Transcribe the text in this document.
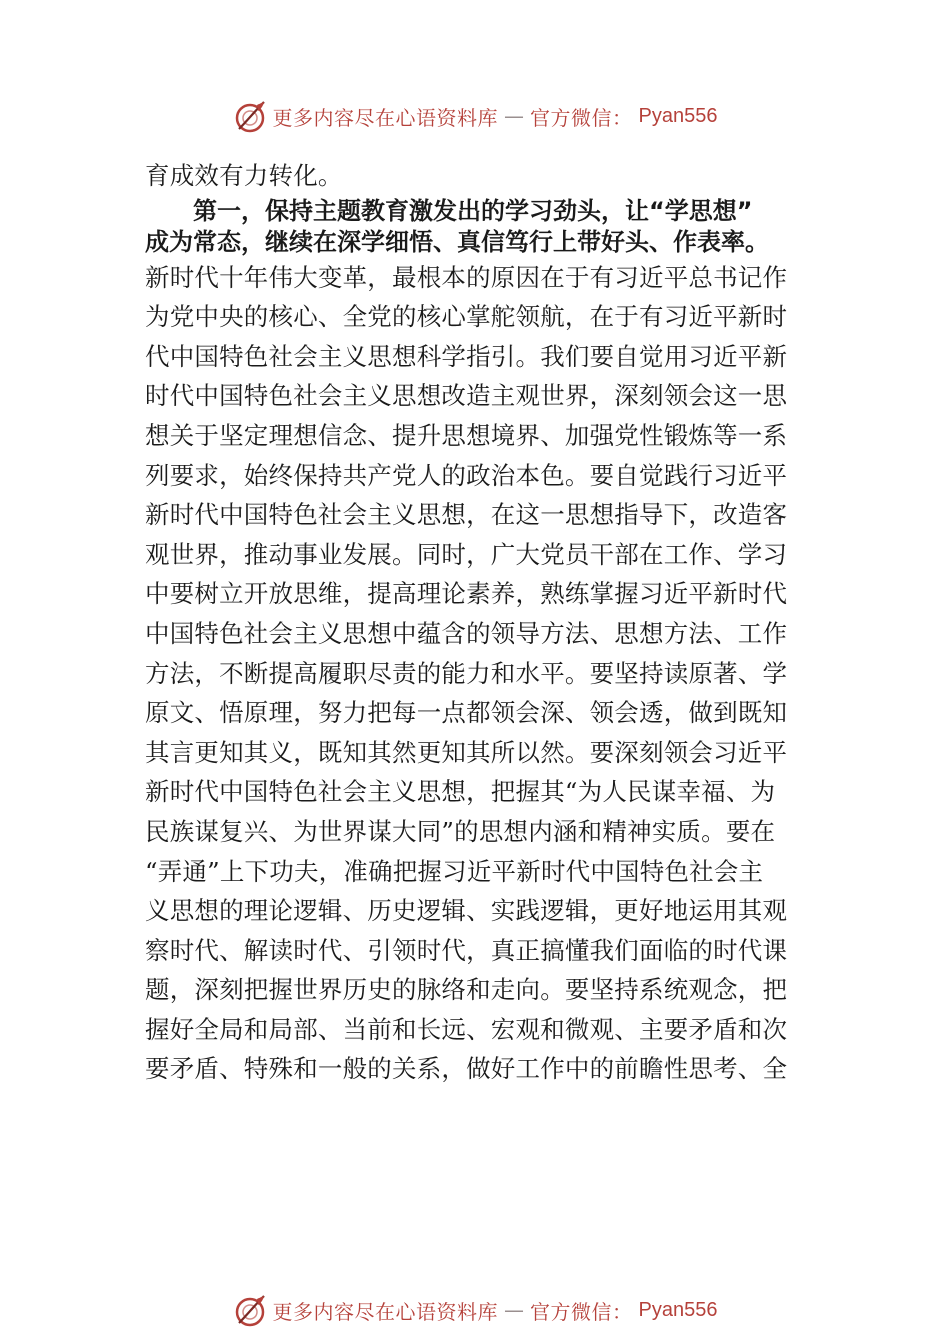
更多内容尽在心语资料库 — 官方微信： Pyan556
育成效有力转化。
第一，保持主题教育激发出的学习劲头，让“学思想”
成为常态，继续在深学细悟、真信笃行上带好头、作表率。
新时代十年伟大变革，最根本的原因在于有习近平总书记作
为党中央的核心、全党的核心掌舵领航，在于有习近平新时
代中国特色社会主义思想科学指引。我们要自觉用习近平新
时代中国特色社会主义思想改造主观世界，深刻领会这一思
想关于坚定理想信念、提升思想境界、加强党性锻炼等一系
列要求，始终保持共产党人的政治本色。要自觉践行习近平
新时代中国特色社会主义思想，在这一思想指导下，改造客
观世界，推动事业发展。同时，广大党员干部在工作、学习
中要树立开放思维，提高理论素养，熟练掌握习近平新时代
中国特色社会主义思想中蕴含的领导方法、思想方法、工作
方法，不断提高履职尽责的能力和水平。要坚持读原著、学
原文、悟原理，努力把每一点都领会深、领会透，做到既知
其言更知其义，既知其然更知其所以然。要深刻领会习近平
新时代中国特色社会主义思想，把握其“为人民谋幸福、为
民族谋复兴、为世界谋大同”的思想内涵和精神实质。要在
“弄通”上下功夫，准确把握习近平新时代中国特色社会主
义思想的理论逻辑、历史逻辑、实践逻辑，更好地运用其观
察时代、解读时代、引领时代，真正搞懂我们面临的时代课
题，深刻把握世界历史的脉络和走向。要坚持系统观念，把
握好全局和局部、当前和长远、宏观和微观、主要矛盾和次
要矛盾、特殊和一般的关系，做好工作中的前瞻性思考、全
更多内容尽在心语资料库 — 官方微信： Pyan556
